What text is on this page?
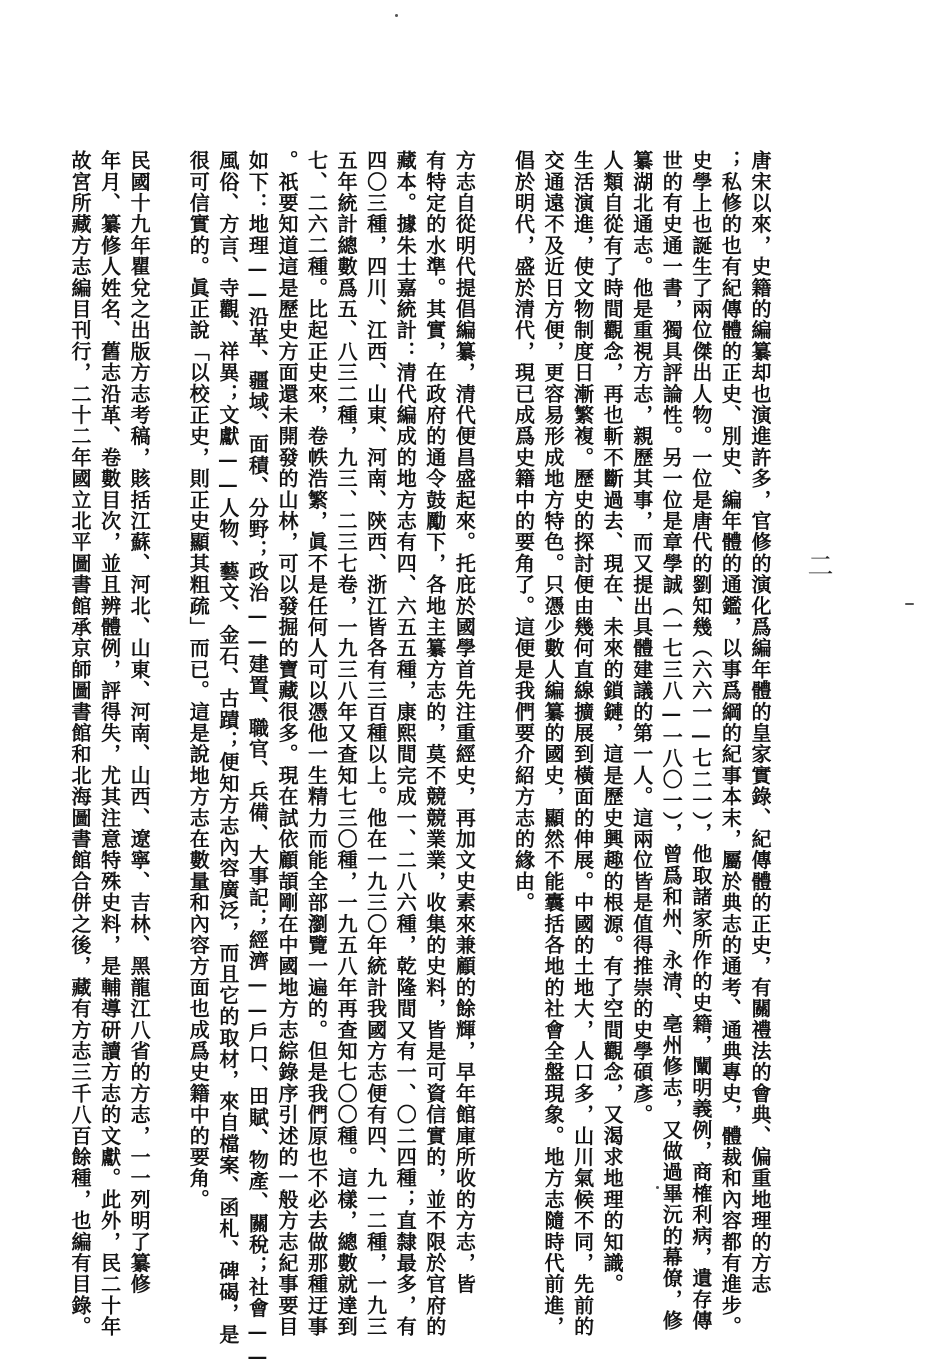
二
唐宋以來，史籍的編纂却也演進許多，官修的演化爲編年體的皇家實錄、紀傳體的正史，有關禮法的會典、偏重地理的方志
；私修的也有紀傳體的正史、別史、編年體的通鑑，以事爲綱的紀事本末，屬於典志的通考、通典專史，體裁和內容都有進步。
史學上也誕生了兩位傑出人物。一位是唐代的劉知幾（六六一—七二一），他取諸家所作的史籍，闡明義例，商榷利病，遺存傳
世的有史通一書，獨具評論性。另一位是章學誠（一七三八—一八〇一），曾爲和州、永清、亳州修志，又做過畢沅的幕僚，修
纂湖北通志。他是重視方志，親歷其事，而又提出具體建議的第一人。這兩位皆是值得推崇的史學碩彥。
人類自從有了時間觀念，再也斬不斷過去、現在、未來的鎖鏈，這是歷史興趣的根源。有了空間觀念，又渴求地理的知識。
生活演進，使文物制度日漸繁複。歷史的探討便由幾何直線擴展到橫面的伸展。中國的土地大，人口多，山川氣候不同，先前的
交通遠不及近日方便，更容易形成地方特色。只憑少數人編纂的國史，顯然不能囊括各地的社會全盤現象。地方志隨時代前進，
倡於明代，盛於清代，現已成爲史籍中的要角了。這便是我們要介紹方志的緣由。
方志自從明代提倡編纂，清代便昌盛起來。托庇於國學首先注重經史，再加文史素來兼顧的餘輝，早年館庫所收的方志，皆
有特定的水準。其實，在政府的通令鼓勵下，各地主纂方志的，莫不競競業業，收集的史料，皆是可資信實的，並不限於官府的
藏本。據朱士嘉統計：清代編成的地方志有四、六五五種，康熙間完成一、二八六種，乾隆間又有一、〇二四種；直隸最多，有
四〇三種，四川、江西、山東、河南、陝西、浙江皆各有三百種以上。他在一九三〇年統計我國方志便有四、九一二種，一九三
五年統計總數爲五、八三二種，九三、二三七卷，一九三八年又查知七三〇種，一九五八年再查知七〇〇種。這樣，總數就達到
七、二六二種。比起正史來，卷帙浩繁，眞不是任何人可以憑他一生精力而能全部瀏覽一遍的。但是我們原也不必去做那種迂事
。祇要知道這是歷史方面還未開發的山林，可以發掘的寶藏很多。現在試依顧頡剛在中國地方志綜錄序引述的一般方志紀事要目
如下：地理——沿革、疆域、面積、分野；政治——建置、職官、兵備、大事記；經濟——戶口、田賦、物產、關稅；社會——
風俗、方言、寺觀、祥異；文獻——人物、藝文、金石、古蹟；便知方志內容廣泛，而且它的取材，來自檔案、函札、碑碣，是
很可信實的。眞正說「以校正史，則正史顯其粗疏」而已。這是說地方志在數量和內容方面也成爲史籍中的要角。
民國十九年瞿兌之出版方志考稿，賅括江蘇、河北、山東、河南、山西、遼寧、吉林、黑龍江八省的方志，一一列明了纂修
年月、纂修人姓名、舊志沿革、卷數目次，並且辨體例，評得失，尤其注意特殊史料，是輔導研讀方志的文獻。此外，民二十年
故宮所藏方志編目刊行，二十二年國立北平圖書館承京師圖書館和北海圖書館合併之後，藏有方志三千八百餘種，也編有目錄。
